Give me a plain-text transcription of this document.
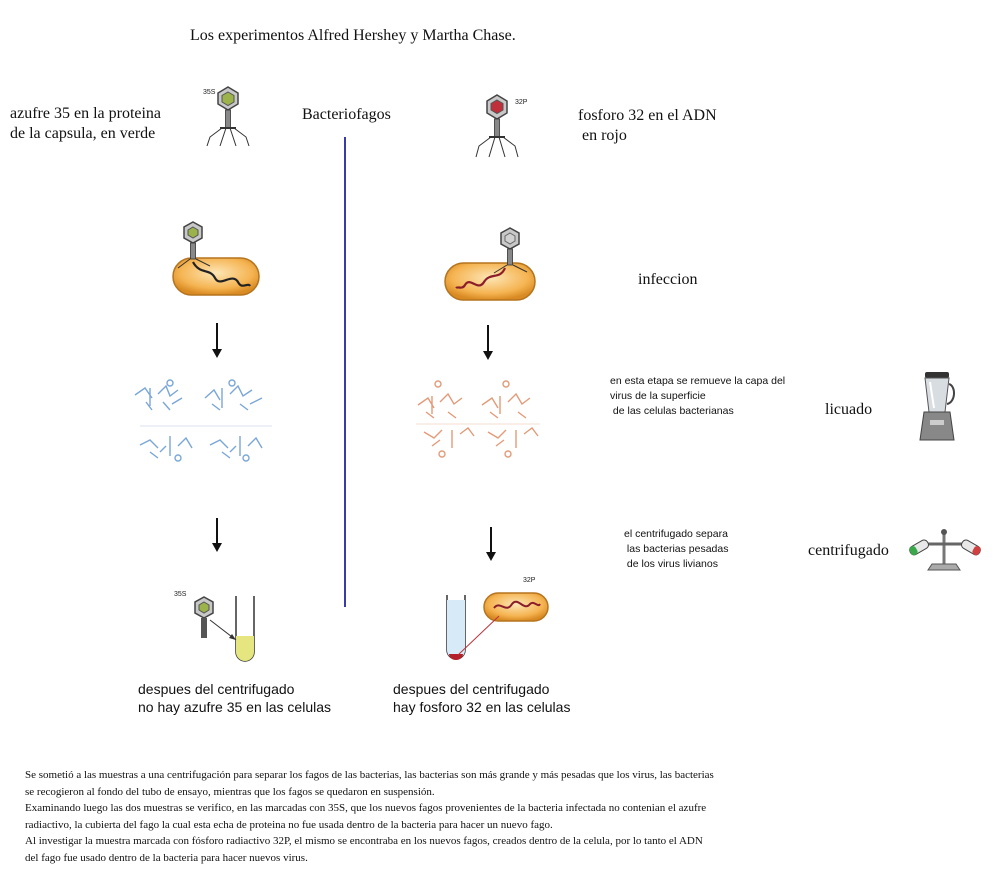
35S
32P
35S
32P
Los experimentos Alfred Hershey y Martha Chase.
azufre 35 en la proteina
de la capsula, en verde
Bacteriofagos	fosforo 32 en el ADN
en rojo
infeccion
en esta etapa se remueve la capa del
virus de la superficie
de las celulas bacterianas	licuado
el centrifugado separa
las bacterias pesadas
de los virus livianos
centrifugado
despues del centrifugado
no hay azufre 35 en las celulas
despues del centrifugado
hay fosforo 32 en las celulas
Se sometió a las muestras a una centrifugación para separar los fagos de las bacterias, las bacterias son más grande y más pesadas que los virus, las bacterias
se recogieron al fondo del tubo de ensayo, mientras que los fagos se quedaron en suspensión.
Examinando luego las dos muestras se verifico, en las marcadas con 35S, que los nuevos fagos provenientes de la bacteria infectada no contenian el azufre
radiactivo, la cubierta del fago la cual esta echa de proteina no fue usada dentro de la bacteria para hacer un nuevo fago.
Al investigar la muestra marcada con fósforo radiactivo 32P, el mismo se encontraba en los nuevos fagos, creados dentro de la celula, por lo tanto el ADN
del fago fue usado dentro de la bacteria para hacer nuevos virus.
